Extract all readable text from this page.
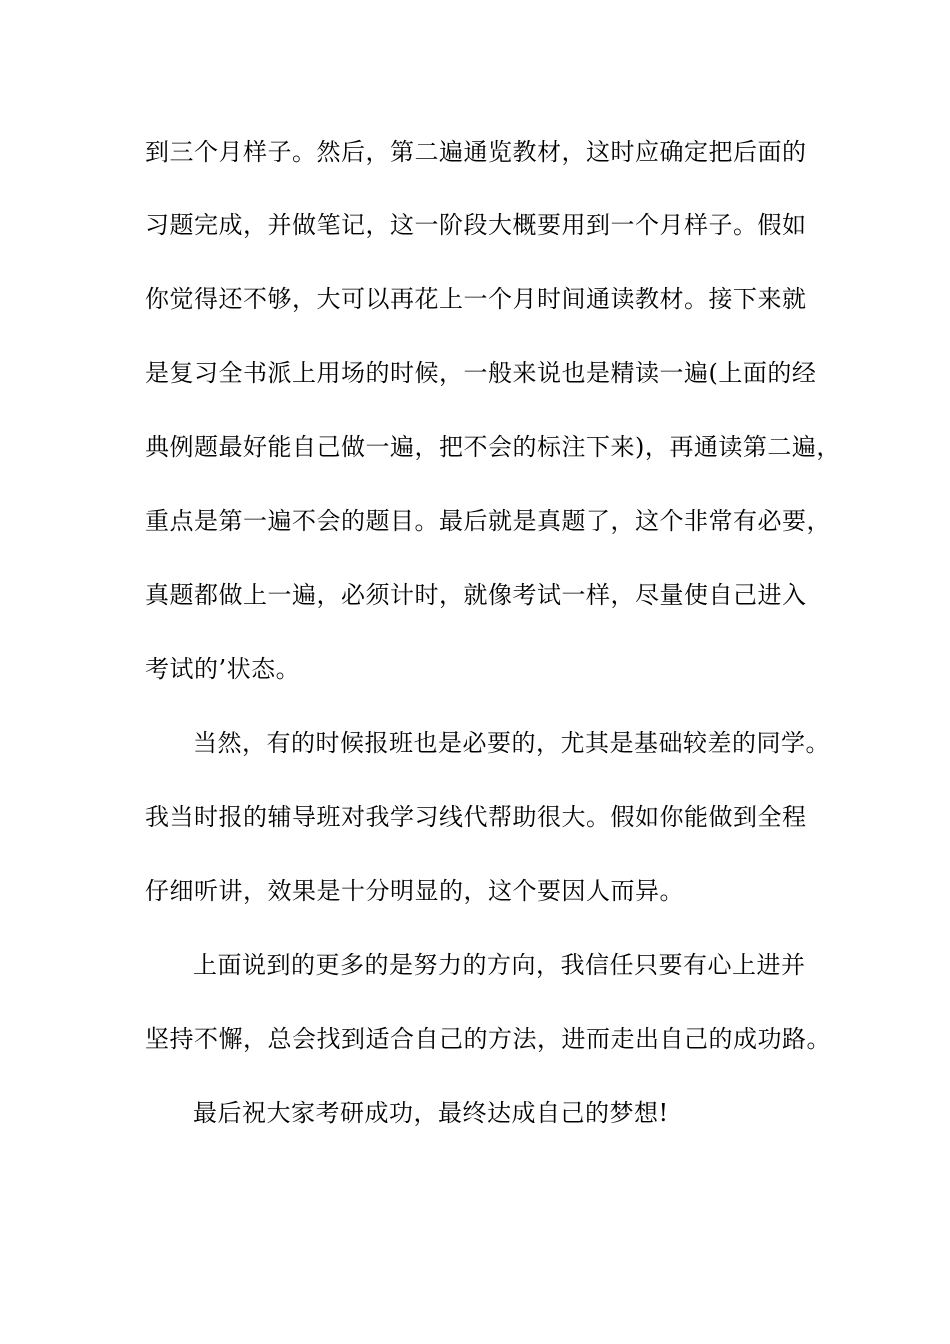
到三个月样子。然后，第二遍通览教材，这时应确定把后面的
习题完成，并做笔记，这一阶段大概要用到一个月样子。假如
你觉得还不够，大可以再花上一个月时间通读教材。接下来就
是复习全书派上用场的时候，一般来说也是精读一遍(上面的经
典例题最好能自己做一遍，把不会的标注下来)，再通读第二遍，
重点是第一遍不会的题目。最后就是真题了，这个非常有必要，
真题都做上一遍，必须计时，就像考试一样，尽量使自己进入
考试的’状态。
当然，有的时候报班也是必要的，尤其是基础较差的同学。
我当时报的辅导班对我学习线代帮助很大。假如你能做到全程
仔细听讲，效果是十分明显的，这个要因人而异。
上面说到的更多的是努力的方向，我信任只要有心上进并
坚持不懈，总会找到适合自己的方法，进而走出自己的成功路。
最后祝大家考研成功，最终达成自己的梦想!
